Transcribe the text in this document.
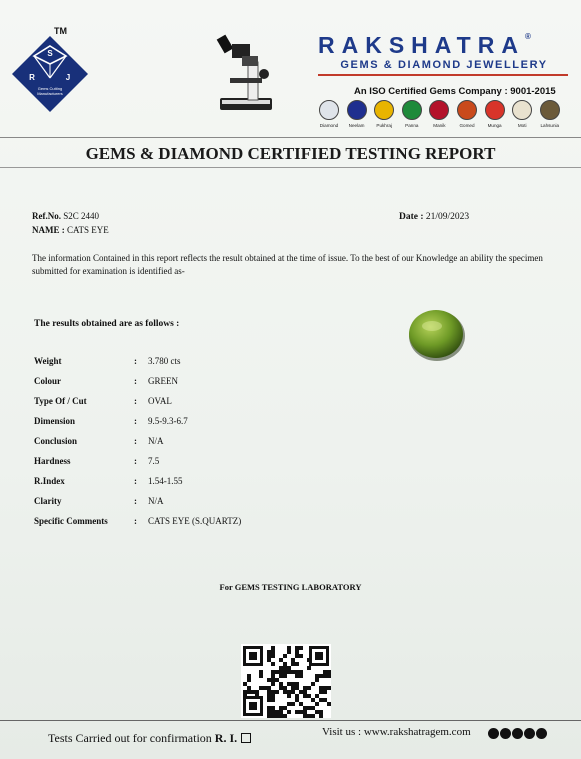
S
R	J
TM
Gems Cutting Manufacturers
RAKSHATRA®
GEMS & DIAMOND JEWELLERY
An ISO Certified Gems Company : 9001-2015
Diamond	Neelam	Pukhraj	Panna	Manik	Gomed	Munga	Moti	Lahsunia
GEMS & DIAMOND CERTIFIED TESTING REPORT
Ref.No. S2C 2440
NAME : CATS EYE
Date : 21/09/2023
The information Contained in this report reflects the result obtained at the time of issue. To the best of our Knowledge an ability the specimen submitted for examination is identified as-
The results obtained are as follows :
Weight	: 3.780 cts
Colour	: GREEN
Type Of / Cut	: OVAL
Dimension	: 9.5-9.3-6.7
Conclusion	: N/A
Hardness	: 7.5
R.Index	: 1.54-1.55
Clarity	: N/A
Specific Comments	: CATS EYE (S.QUARTZ)
For GEMS TESTING LABORATORY
Tests Carried out for confirmation R. I.	Visit us : www.rakshatragem.com
